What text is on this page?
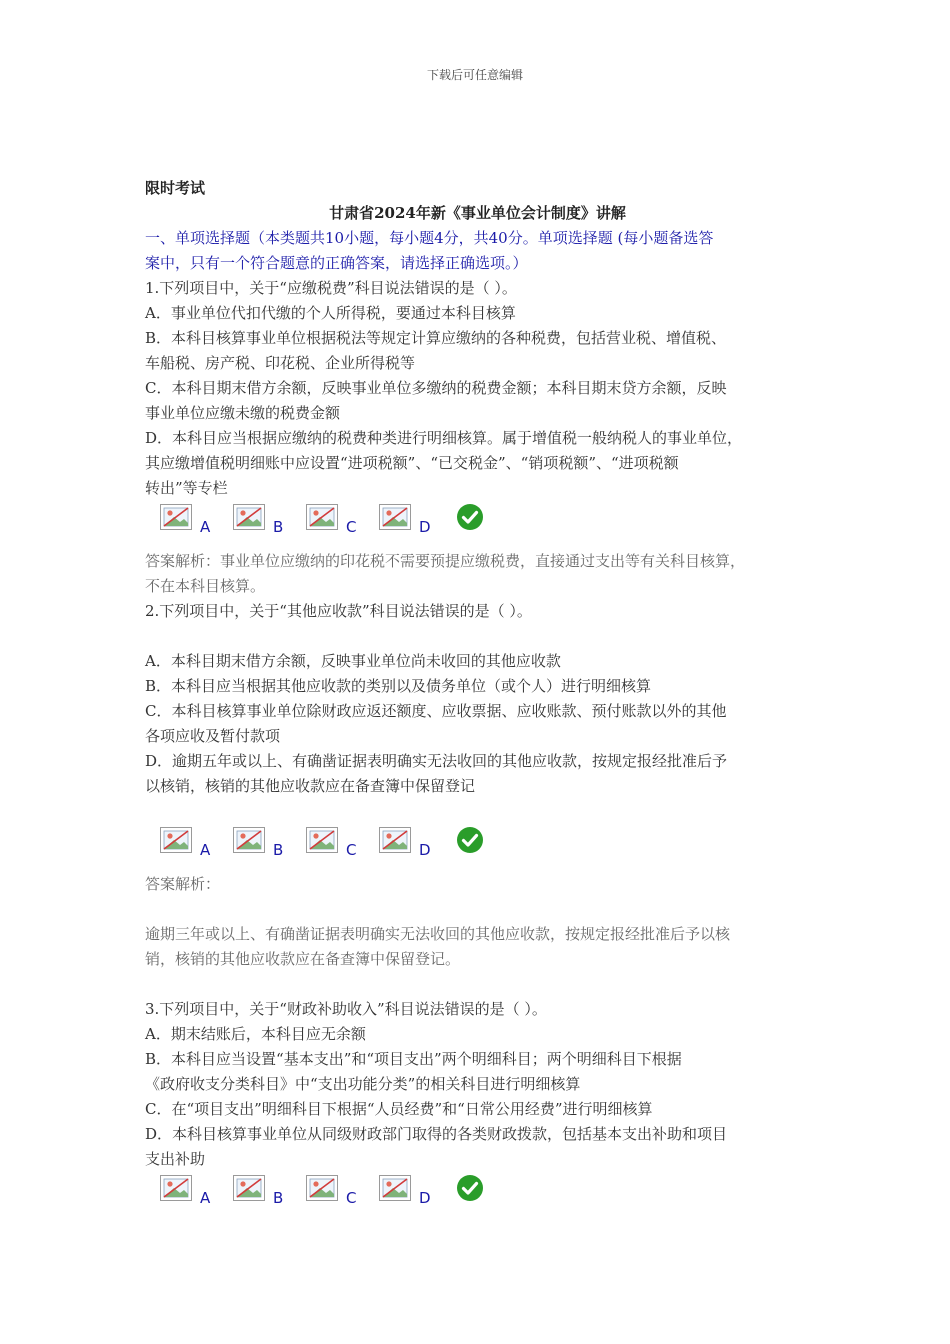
下载后可任意编辑
限时考试
甘肃省2024年新《事业单位会计制度》讲解
一、单项选择题（本类题共10小题，每小题4分，共40分。单项选择题 (每小题备选答
案中，只有一个符合题意的正确答案，请选择正确选项。）
1.下列项目中，关于“应缴税费”科目说法错误的是（ ）。
A．事业单位代扣代缴的个人所得税，要通过本科目核算
B．本科目核算事业单位根据税法等规定计算应缴纳的各种税费，包括营业税、增值税、
车船税、房产税、印花税、企业所得税等
C．本科目期末借方余额，反映事业单位多缴纳的税费金额；本科目期末贷方余额，反映
事业单位应缴未缴的税费金额
D．本科目应当根据应缴纳的税费种类进行明细核算。属于增值税一般纳税人的事业单位，
其应缴增值税明细账中应设置“进项税额”、“已交税金”、“销项税额”、“进项税额
转出”等专栏
A	B	C	D
答案解析：事业单位应缴纳的印花税不需要预提应缴税费，直接通过支出等有关科目核算，
不在本科目核算。
2.下列项目中，关于“其他应收款”科目说法错误的是（ ）。
A．本科目期末借方余额，反映事业单位尚未收回的其他应收款
B．本科目应当根据其他应收款的类别以及债务单位（或个人）进行明细核算
C．本科目核算事业单位除财政应返还额度、应收票据、应收账款、预付账款以外的其他
各项应收及暂付款项
D．逾期五年或以上、有确凿证据表明确实无法收回的其他应收款，按规定报经批准后予
以核销，核销的其他应收款应在备查簿中保留登记
A	B	C	D
答案解析：
逾期三年或以上、有确凿证据表明确实无法收回的其他应收款，按规定报经批准后予以核
销，核销的其他应收款应在备查簿中保留登记。
3.下列项目中，关于“财政补助收入”科目说法错误的是（ ）。
A．期末结账后，本科目应无余额
B．本科目应当设置“基本支出”和“项目支出”两个明细科目；两个明细科目下根据
《政府收支分类科目》中“支出功能分类”的相关科目进行明细核算
C．在“项目支出”明细科目下根据“人员经费”和“日常公用经费”进行明细核算
D．本科目核算事业单位从同级财政部门取得的各类财政拨款，包括基本支出补助和项目
支出补助
A	B	C	D
